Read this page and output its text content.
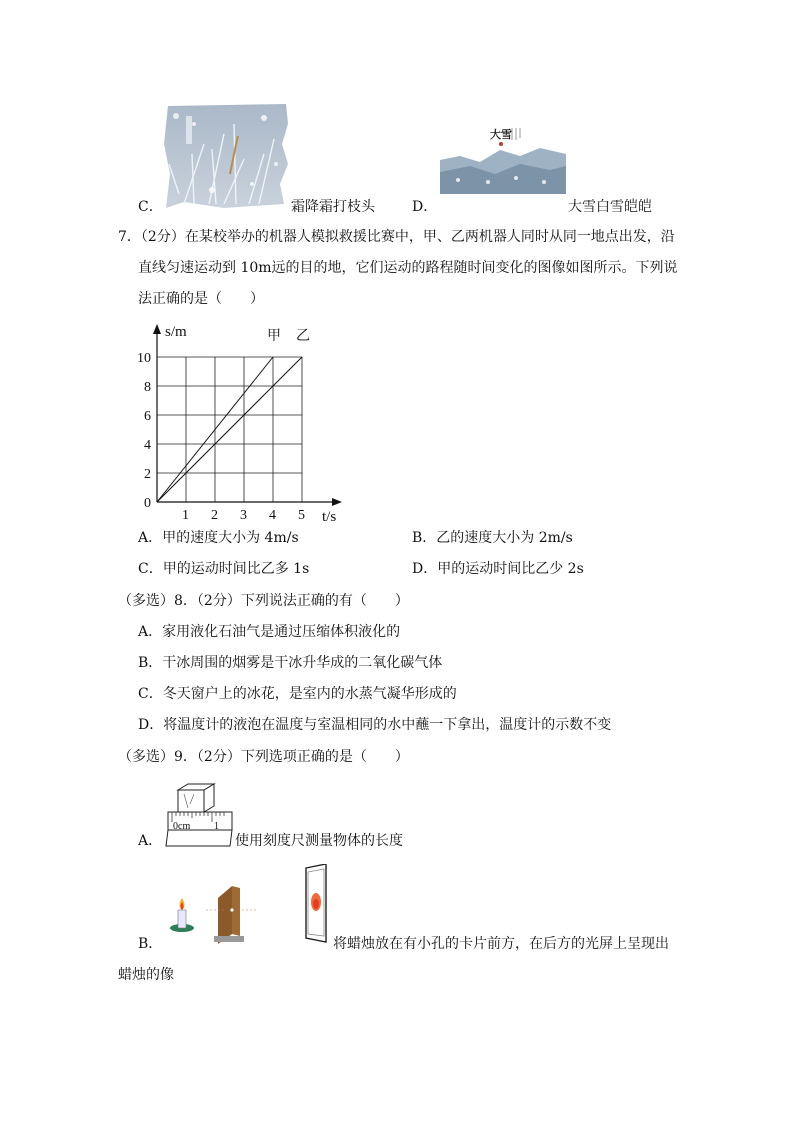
C．	霜降霜打枝头
大雪
D．	大雪白雪皑皑
7．（2分）在某校举办的机器人模拟救援比赛中，甲、乙两机器人同时从同一地点出发，沿
直线匀速运动到 10m远的目的地，它们运动的路程随时间变化的图像如图所示。下列说
法正确的是（　　）
甲 乙
1 2 3 4 5
2
4
6
8
10
0
s/m
t/s
A．甲的速度大小为 4m/s	B．乙的速度大小为 2m/s
C．甲的运动时间比乙多 1s	D．甲的运动时间比乙少 2s
（多选）8．（2分）下列说法正确的有（　　）
A．家用液化石油气是通过压缩体积液化的
B．干冰周围的烟雾是干冰升华成的二氧化碳气体
C．冬天窗户上的冰花，是室内的水蒸气凝华形成的
D．将温度计的液泡在温度与室温相同的水中蘸一下拿出，温度计的示数不变
（多选）9．（2分）下列选项正确的是（　　）
0cm 1
A．	使用刻度尺测量物体的长度
B．	将蜡烛放在有小孔的卡片前方，在后方的光屏上呈现出
蜡烛的像
